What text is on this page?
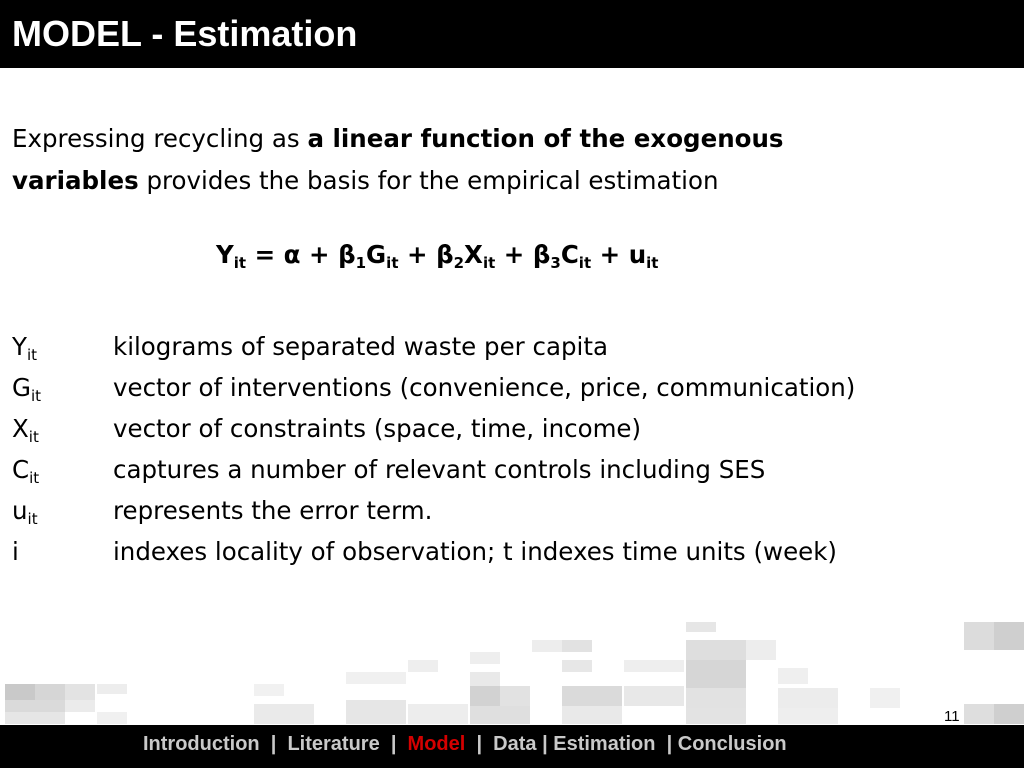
MODEL - Estimation
Expressing recycling as a linear function of the exogenous variables provides the basis for the empirical estimation
$Y_{it} = \alpha + \beta_1G_{it} + \beta_2X_{it} + \beta_3C_{it} + u_{it}$
$Y_{it}$	kilograms of separated waste per capita
$G_{it}$	vector of interventions (convenience, price, communication)
$X_{it}$	vector of constraints (space, time, income)
$C_{it}$	captures a number of relevant controls including SES
$u_{it}$	represents the error term.
i	indexes locality of observation; t indexes time units (week)
11
Introduction  |  Literature  |  Model  |  Data | Estimation  | Conclusion
